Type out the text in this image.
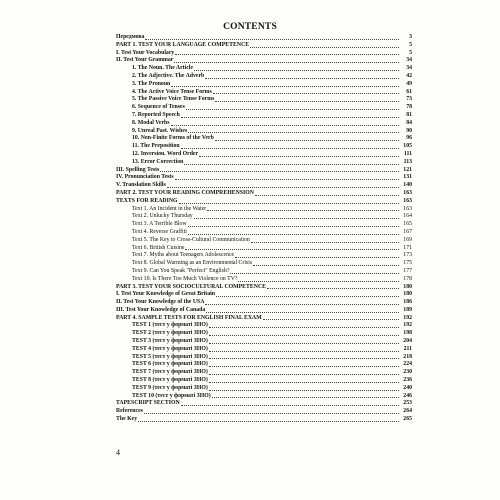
CONTENTS
Передмова	3
PART 1. TEST YOUR LANGUAGE COMPETENCE	5
I. Test Your Vocabulary	5
II. Test Your Grammar	34
1. The Noun. The Article	34
2. The Adjective. The Adverb	42
3. The Pronoun	49
4. The Active Voice Tense Forms	61
5. The Passive Voice Tense Forms	73
6. Sequence of Tenses	78
7. Reported Speech	81
8. Modal Verbs	84
9. Unreal Past. Wishes	90
10. Non-Finite Forms of the Verb	96
11. The Preposition	105
12. Inversion. Word Order	111
13. Error Correction	113
III. Spelling Tests	121
IV. Pronunciation Tests	131
V. Translation Skills	140
PART 2. TEST YOUR READING COMPREHENSION	163
TEXTS FOR READING	163
Text 1. An Incident in the Water	163
Text 2. Unlucky Thursday	164
Text 3. A Terrible Blow	165
Text 4. Reverse Graffiti	167
Text 5. The Key to Cross-Cultural Communication	169
Text 6. British Cuisine	171
Text 7. Myths about Teenagers Adolescence	173
Text 8. Global Warming as an Environmental Crisis	175
Text 9. Can You Speak "Perfect" English?	177
Text 10. Is There Too Much Violence on TV?	178
PART 3. TEST YOUR SOCIOCULTURAL COMPETENCE	180
I. Test Your Knowledge of Great Britain	180
II. Test Your Knowledge of the USA	186
III. Test Your Knowledge of Canada	189
PART 4. SAMPLE TESTS FOR ENGLISH FINAL EXAM	192
TEST 1 (тест у форматі ЗНО)	192
TEST 2 (тест у форматі ЗНО)	198
TEST 3 (тест у форматі ЗНО)	204
TEST 4 (тест у форматі ЗНО)	211
TEST 5 (тест у форматі ЗНО)	218
TEST 6 (тест у форматі ЗНО)	224
TEST 7 (тест у форматі ЗНО)	230
TEST 8 (тест у форматі ЗНО)	236
TEST 9 (тест у форматі ЗНО)	240
TEST 10 (тест у форматі ЗНО)	246
TAPESCRIPT SECTION	253
References	264
The Key	265
4
